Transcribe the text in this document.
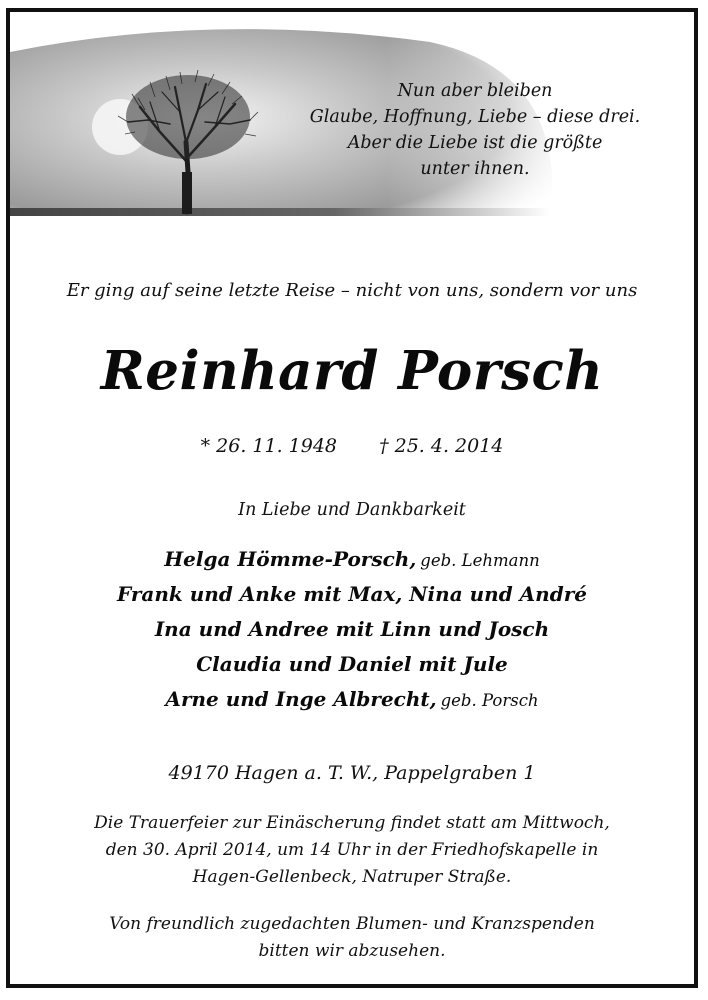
Nun aber bleiben
Glaube, Hoffnung, Liebe – diese drei.
Aber die Liebe ist die größte
unter ihnen.
Er ging auf seine letzte Reise – nicht von uns, sondern vor uns
Reinhard Porsch
* 26. 11. 1948 † 25. 4. 2014
In Liebe und Dankbarkeit
Helga Hömme-Porsch, geb. Lehmann
Frank und Anke mit Max, Nina und André
Ina und Andree mit Linn und Josch
Claudia und Daniel mit Jule
Arne und Inge Albrecht, geb. Porsch
49170 Hagen a. T. W., Pappelgraben 1
Die Trauerfeier zur Einäscherung findet statt am Mittwoch,
den 30. April 2014, um 14 Uhr in der Friedhofskapelle in
Hagen-Gellenbeck, Natruper Straße.
Von freundlich zugedachten Blumen- und Kranzspenden
bitten wir abzusehen.
